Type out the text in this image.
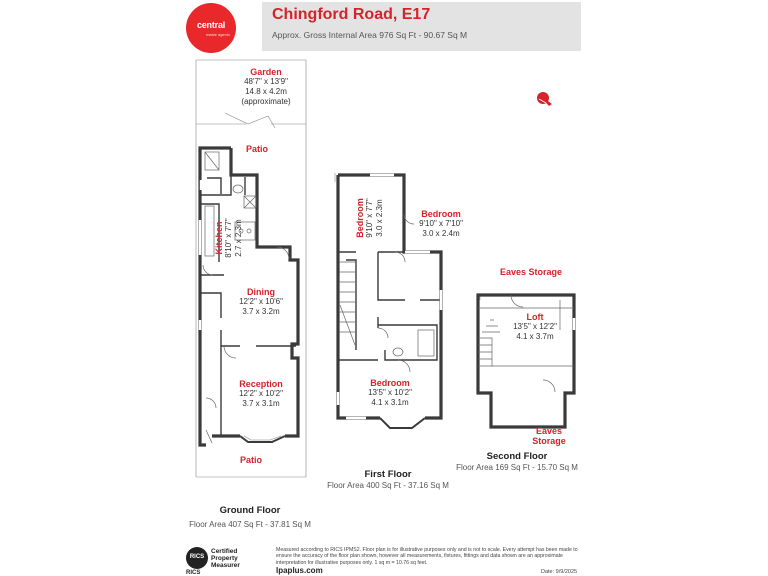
central
estate agents
Chingford Road, E17
Approx. Gross Internal Area 976 Sq Ft - 90.67 Sq M
Garden
48'7" x 13'9"
14.8 x 4.2m
(approximate)
Patio
Kitchen 8'10" x 7'7" 2.7 x 2.3m
Dining
12'2" x 10'6"
3.7 x 3.2m
Reception
12'2" x 10'2"
3.7 x 3.1m
Patio
Bedroom 9'10" x 7'7" 3.0 x 2.3m	Bedroom
9'10" x 7'10"
3.0 x 2.4m
Bedroom
13'5" x 10'2"
4.1 x 3.1m
Eaves Storage
Loft
13'5" x 12'2"
4.1 x 3.7m
Eaves
Storage
Ground Floor
Floor Area 407 Sq Ft - 37.81 Sq M
First Floor
Floor Area 400 Sq Ft - 37.16 Sq M
Second Floor
Floor Area 169 Sq Ft - 15.70 Sq M
RICS
RICS
Certified Property Measurer
Measured according to RICS IPMS2. Floor plan is for illustrative purposes only and is not to scale. Every attempt has been made to ensure the accuracy of the floor plan shown, however all measurements, fixtures, fittings and data shown are an approximate interpretation for illustrative purposes only. 1 sq m = 10.76 sq feet.
lpaplus.com	Date: 9/9/2025
